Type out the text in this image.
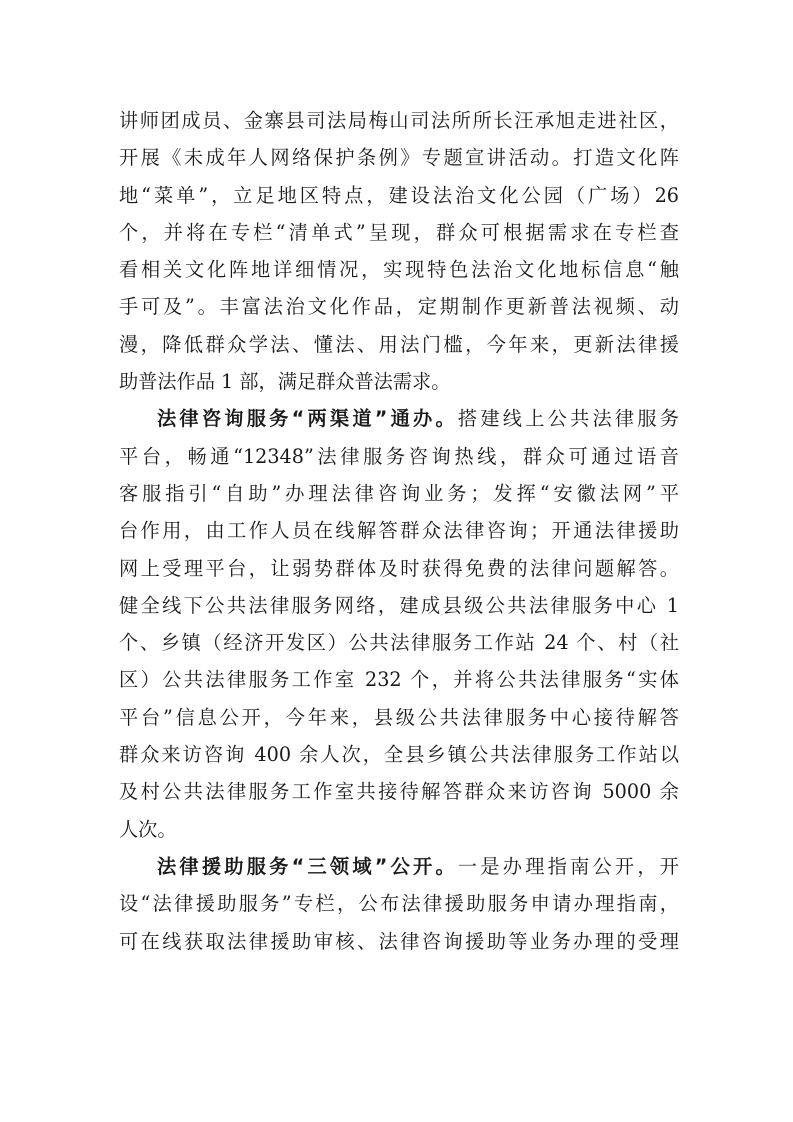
讲师团成员、金寨县司法局梅山司法所所长汪承旭走进社区，
开展《未成年人网络保护条例》专题宣讲活动。打造文化阵
地“菜单”，立足地区特点，建设法治文化公园（广场）26
个，并将在专栏“清单式”呈现，群众可根据需求在专栏查
看相关文化阵地详细情况，实现特色法治文化地标信息“触
手可及”。丰富法治文化作品，定期制作更新普法视频、动
漫，降低群众学法、懂法、用法门槛，今年来，更新法律援
助普法作品 1 部，满足群众普法需求。
法律咨询服务“两渠道”通办。搭建线上公共法律服务
平台，畅通“12348”法律服务咨询热线，群众可通过语音
客服指引“自助”办理法律咨询业务；发挥“安徽法网”平
台作用，由工作人员在线解答群众法律咨询；开通法律援助
网上受理平台，让弱势群体及时获得免费的法律问题解答。
健全线下公共法律服务网络，建成县级公共法律服务中心 1
个、乡镇（经济开发区）公共法律服务工作站 24 个、村（社
区）公共法律服务工作室 232 个，并将公共法律服务“实体
平台”信息公开，今年来，县级公共法律服务中心接待解答
群众来访咨询 400 余人次，全县乡镇公共法律服务工作站以
及村公共法律服务工作室共接待解答群众来访咨询 5000 余
人次。
法律援助服务“三领域”公开。一是办理指南公开，开
设“法律援助服务”专栏，公布法律援助服务申请办理指南，
可在线获取法律援助审核、法律咨询援助等业务办理的受理
